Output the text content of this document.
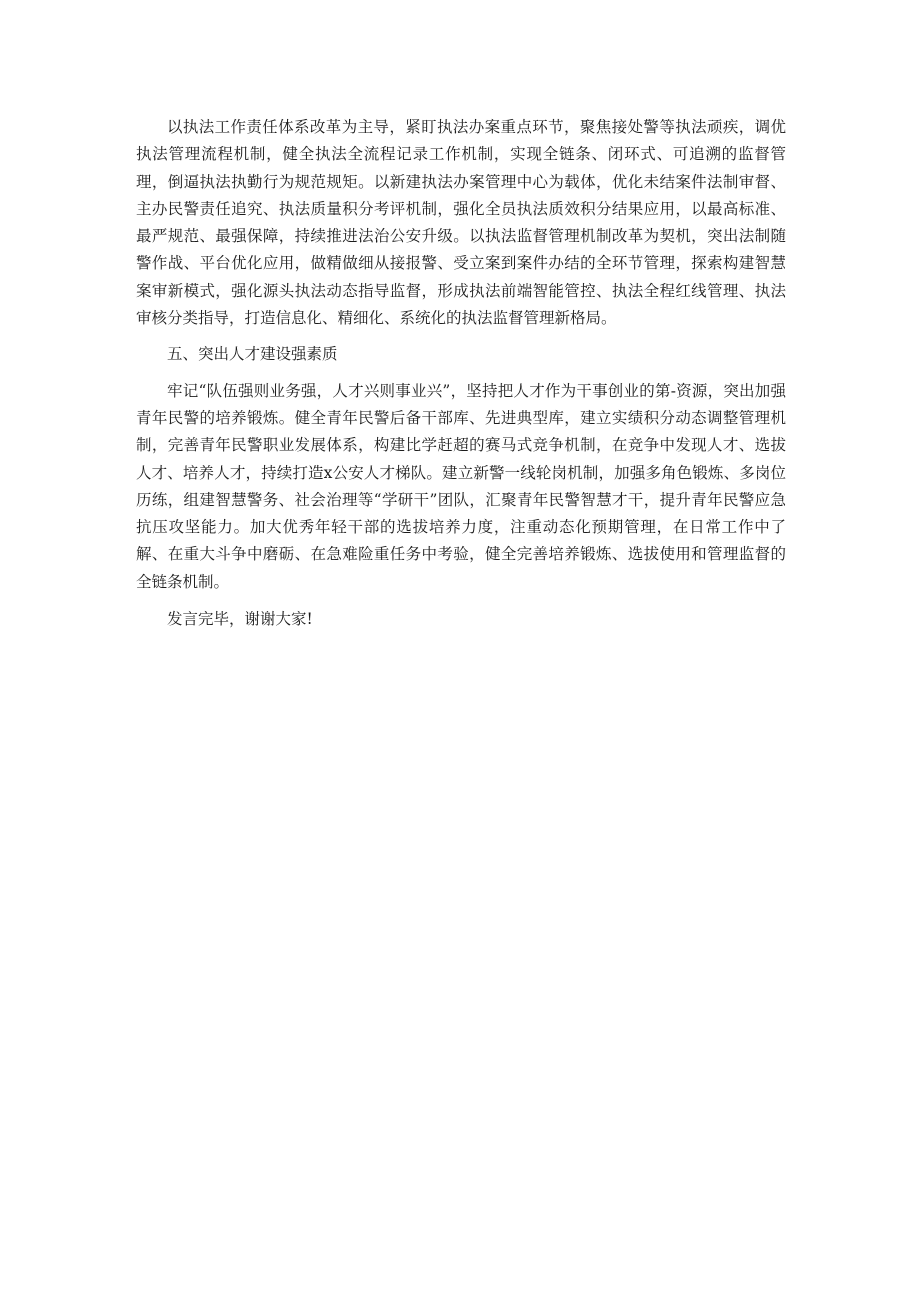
以执法工作责任体系改革为主导，紧盯执法办案重点环节，聚焦接处警等执法顽疾，调优执法管理流程机制，健全执法全流程记录工作机制，实现全链条、闭环式、可追溯的监督管理，倒逼执法执勤行为规范规矩。以新建执法办案管理中心为载体，优化未结案件法制审督、主办民警责任追究、执法质量积分考评机制，强化全员执法质效积分结果应用，以最高标准、最严规范、最强保障，持续推进法治公安升级。以执法监督管理机制改革为契机，突出法制随警作战、平台优化应用，做精做细从接报警、受立案到案件办结的全环节管理，探索构建智慧案审新模式，强化源头执法动态指导监督，形成执法前端智能管控、执法全程红线管理、执法审核分类指导，打造信息化、精细化、系统化的执法监督管理新格局。

五、突出人才建设强素质

牢记“队伍强则业务强，人才兴则事业兴”，坚持把人才作为干事创业的第-资源，突出加强青年民警的培养锻炼。健全青年民警后备干部库、先进典型库，建立实绩积分动态调整管理机制，完善青年民警职业发展体系，构建比学赶超的赛马式竞争机制，在竞争中发现人才、选拔人才、培养人才，持续打造x公安人才梯队。建立新警一线轮岗机制，加强多角色锻炼、多岗位历练，组建智慧警务、社会治理等“学研干”团队，汇聚青年民警智慧才干，提升青年民警应急抗压攻坚能力。加大优秀年轻干部的选拔培养力度，注重动态化预期管理，在日常工作中了解、在重大斗争中磨砺、在急难险重任务中考验，健全完善培养锻炼、选拔使用和管理监督的全链条机制。

发言完毕，谢谢大家!
